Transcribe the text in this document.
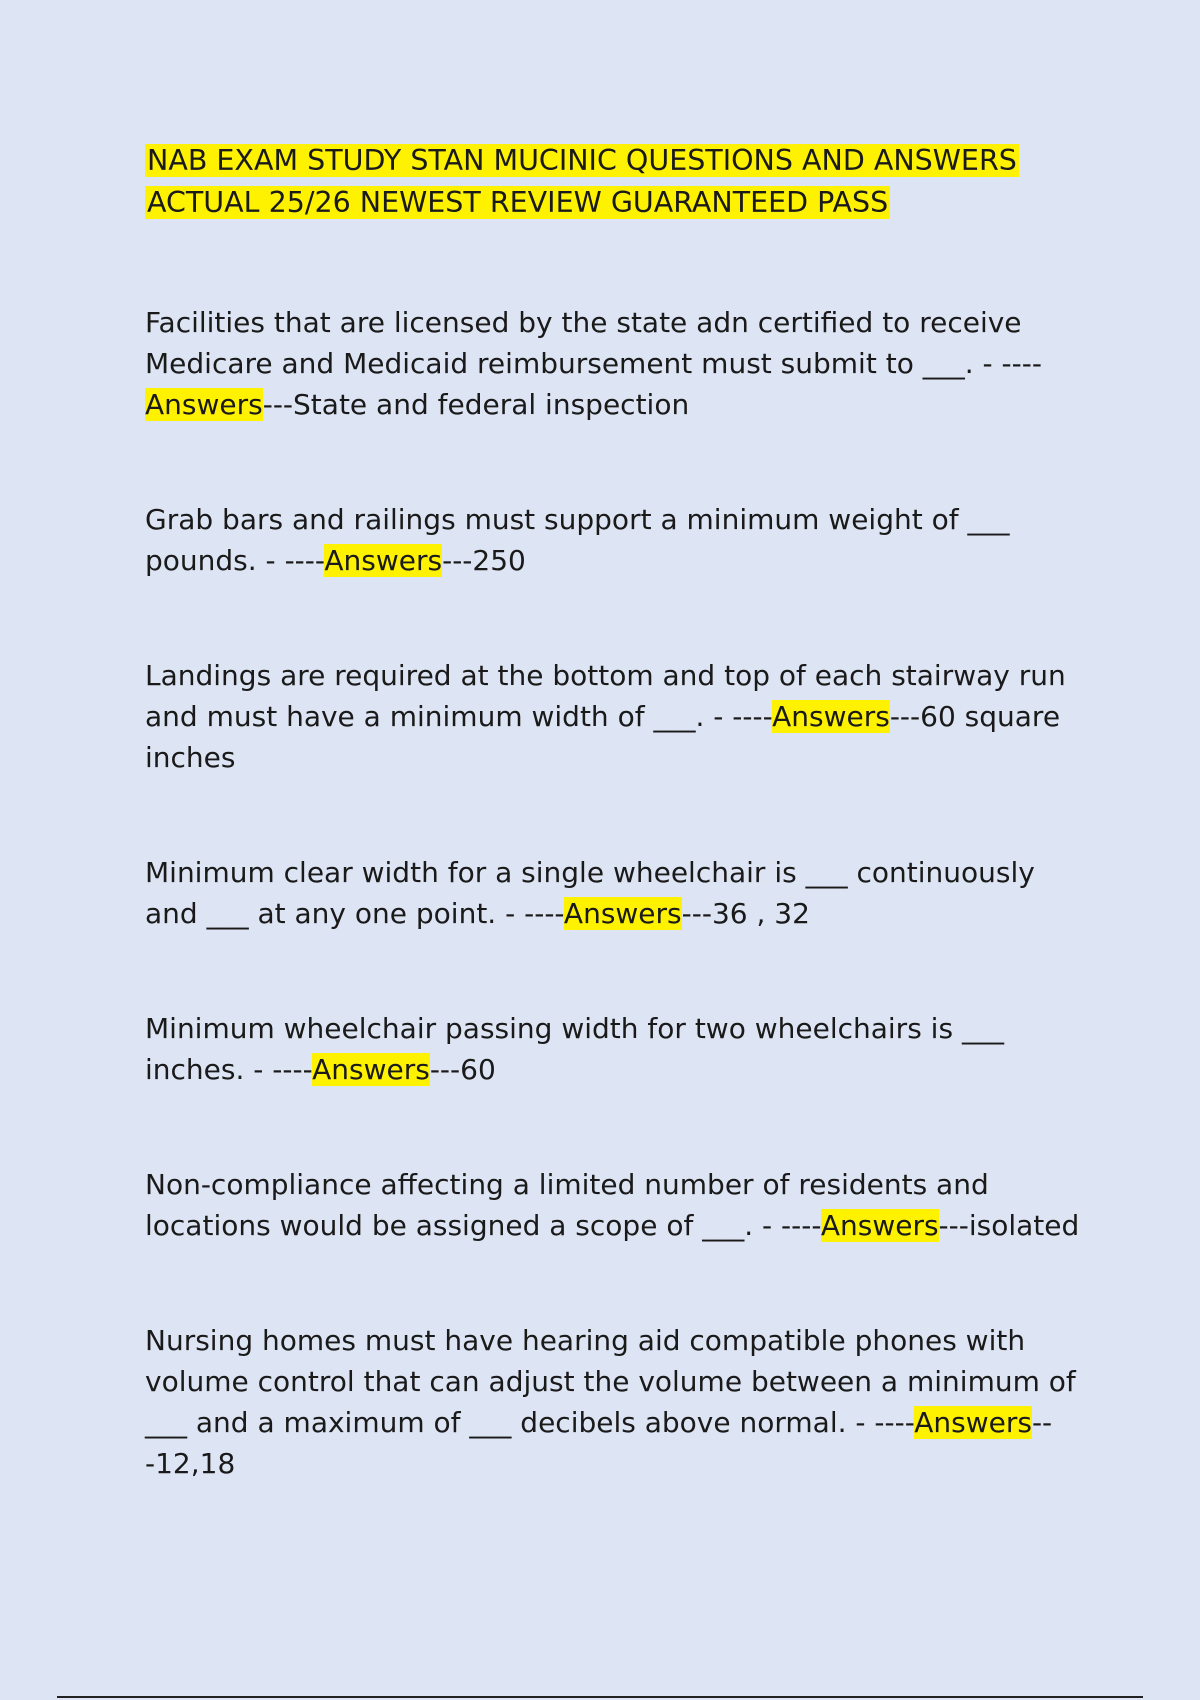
NAB EXAM STUDY STAN MUCINIC QUESTIONS AND ANSWERS
ACTUAL 25/26 NEWEST REVIEW GUARANTEED PASS

Facilities that are licensed by the state adn certified to receive Medicare and Medicaid reimbursement must submit to ___. - ----Answers---State and federal inspection

Grab bars and railings must support a minimum weight of ___ pounds. - ----Answers---250

Landings are required at the bottom and top of each stairway run and must have a minimum width of ___. - ----Answers---60 square inches

Minimum clear width for a single wheelchair is ___ continuously and ___ at any one point. - ----Answers---36 , 32

Minimum wheelchair passing width for two wheelchairs is ___ inches. - ----Answers---60

Non-compliance affecting a limited number of residents and locations would be assigned a scope of ___. - ----Answers---isolated

Nursing homes must have hearing aid compatible phones with volume control that can adjust the volume between a minimum of ___ and a maximum of ___ decibels above normal. - ----Answers---12,18
